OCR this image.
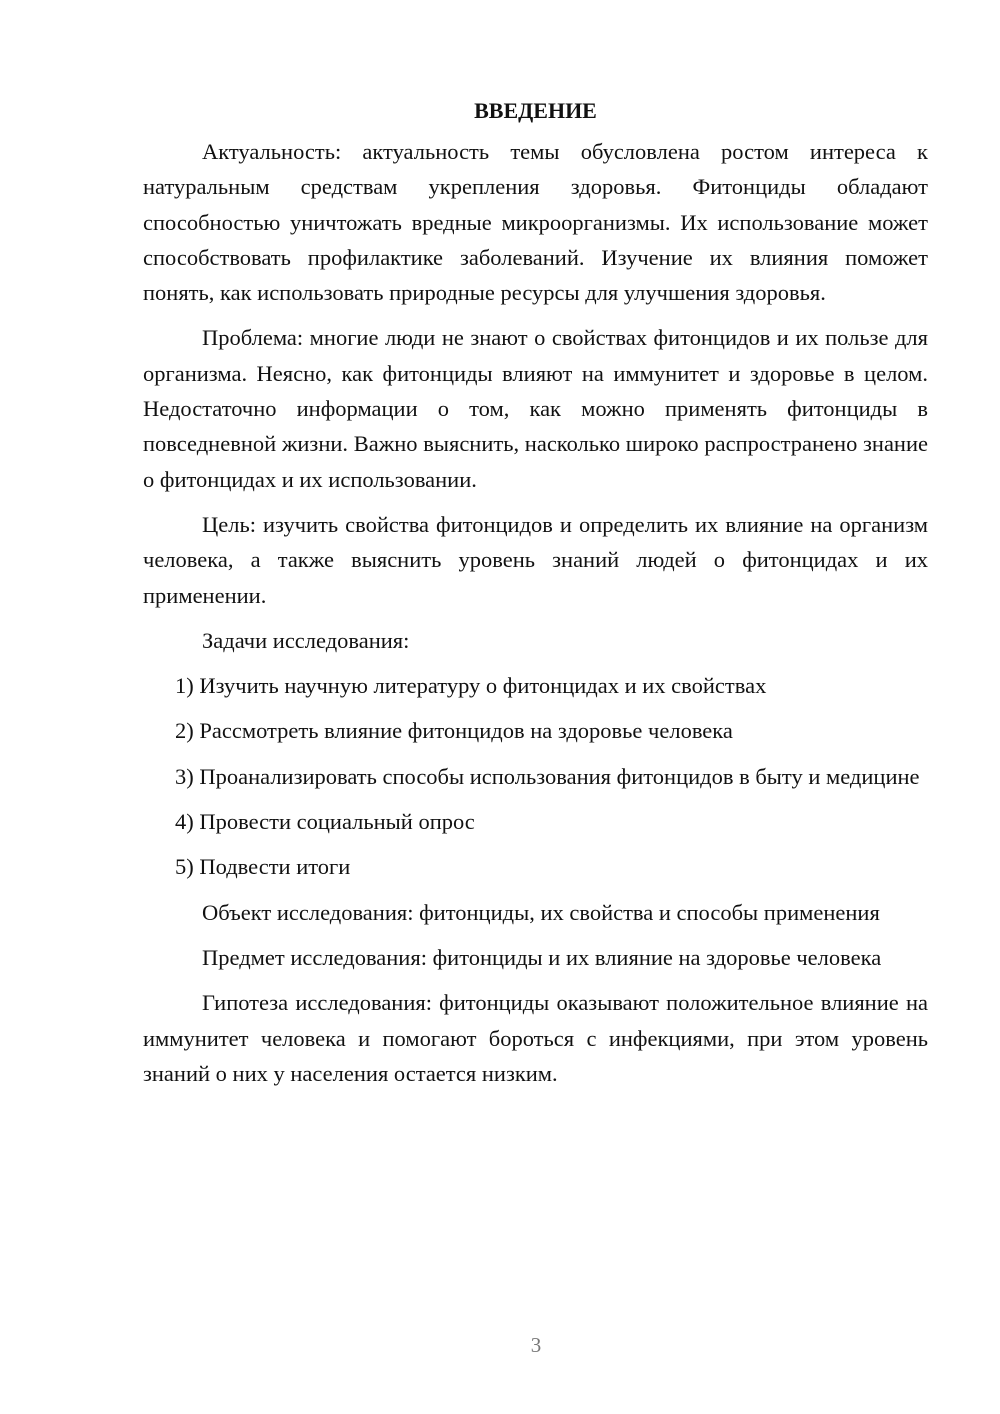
ВВЕДЕНИЕ

Актуальность: актуальность темы обусловлена ростом интереса к натуральным средствам укрепления здоровья. Фитонциды обладают способностью уничтожать вредные микроорганизмы. Их использование может способствовать профилактике заболеваний. Изучение их влияния поможет понять, как использовать природные ресурсы для улучшения здоровья.

Проблема: многие люди не знают о свойствах фитонцидов и их пользе для организма. Неясно, как фитонциды влияют на иммунитет и здоровье в целом. Недостаточно информации о том, как можно применять фитонциды в повседневной жизни. Важно выяснить, насколько широко распространено знание о фитонцидах и их использовании.

Цель: изучить свойства фитонцидов и определить их влияние на организм человека, а также выяснить уровень знаний людей о фитонцидах и их применении.

Задачи исследования:

1) Изучить научную литературу о фитонцидах и их свойствах

2) Рассмотреть влияние фитонцидов на здоровье человека

3) Проанализировать способы использования фитонцидов в быту и медицине

4) Провести социальный опрос

5) Подвести итоги

Объект исследования: фитонциды, их свойства и способы применения

Предмет исследования: фитонциды и их влияние на здоровье человека

Гипотеза исследования: фитонциды оказывают положительное влияние на иммунитет человека и помогают бороться с инфекциями, при этом уровень знаний о них у населения остается низким.

3
